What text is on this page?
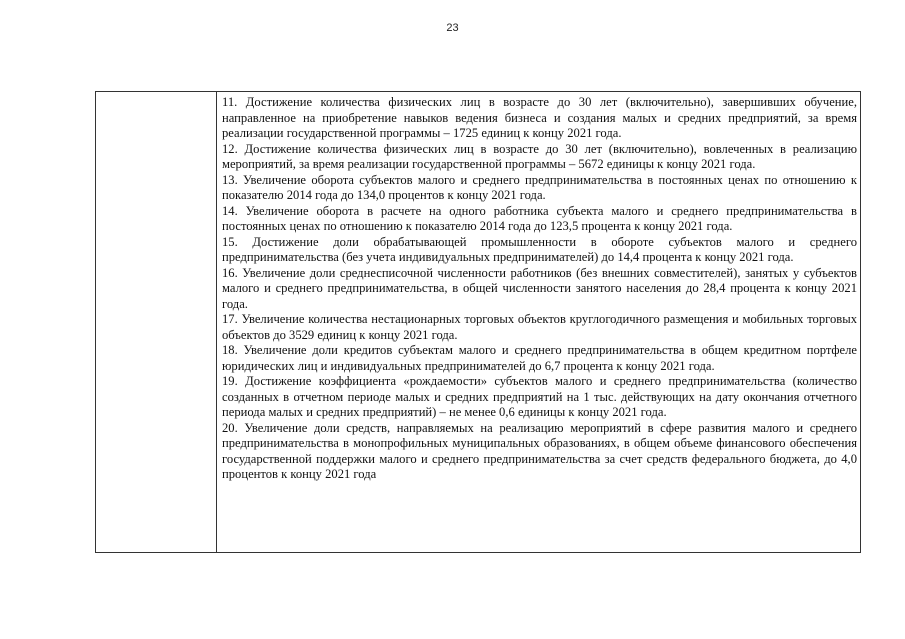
23

11. Достижение количества физических лиц в возрасте до 30 лет (включительно), завершивших обучение, направленное на приобретение навыков ведения бизнеса и создания малых и средних предприятий, за время реализации государственной программы – 1725 единиц к концу 2021 года.

12. Достижение количества физических лиц в возрасте до 30 лет (включительно), вовлеченных в реализацию мероприятий, за время реализации государственной программы – 5672 единицы к концу 2021 года.

13. Увеличение оборота субъектов малого и среднего предпринимательства в постоянных ценах по отношению к показателю 2014 года до 134,0 процентов к концу 2021 года.

14. Увеличение оборота в расчете на одного работника субъекта малого и среднего предпринимательства в постоянных ценах по отношению к показателю 2014 года до 123,5 процента к концу 2021 года.

15. Достижение доли обрабатывающей промышленности в обороте субъектов малого и среднего предпринимательства (без учета индивидуальных предпринимателей) до 14,4 процента к концу 2021 года.

16. Увеличение доли среднесписочной численности работников (без внешних совместителей), занятых у субъектов малого и среднего предпринимательства, в общей численности занятого населения до 28,4 процента к концу 2021 года.

17. Увеличение количества нестационарных торговых объектов круглогодичного размещения и мобильных торговых объектов до 3529 единиц к концу 2021 года.

18. Увеличение доли кредитов субъектам малого и среднего предпринимательства в общем кредитном портфеле юридических лиц и индивидуальных предпринимателей до 6,7 процента к концу 2021 года.

19. Достижение коэффициента «рождаемости» субъектов малого и среднего предпринимательства (количество созданных в отчетном периоде малых и средних предприятий на 1 тыс. действующих на дату окончания отчетного периода малых и средних предприятий) – не менее 0,6 единицы к концу 2021 года.

20. Увеличение доли средств, направляемых на реализацию мероприятий в сфере развития малого и среднего предпринимательства в монопрофильных муниципальных образованиях, в общем объеме финансового обеспечения государственной поддержки малого и среднего предпринимательства за счет средств федерального бюджета, до 4,0 процентов к концу 2021 года
